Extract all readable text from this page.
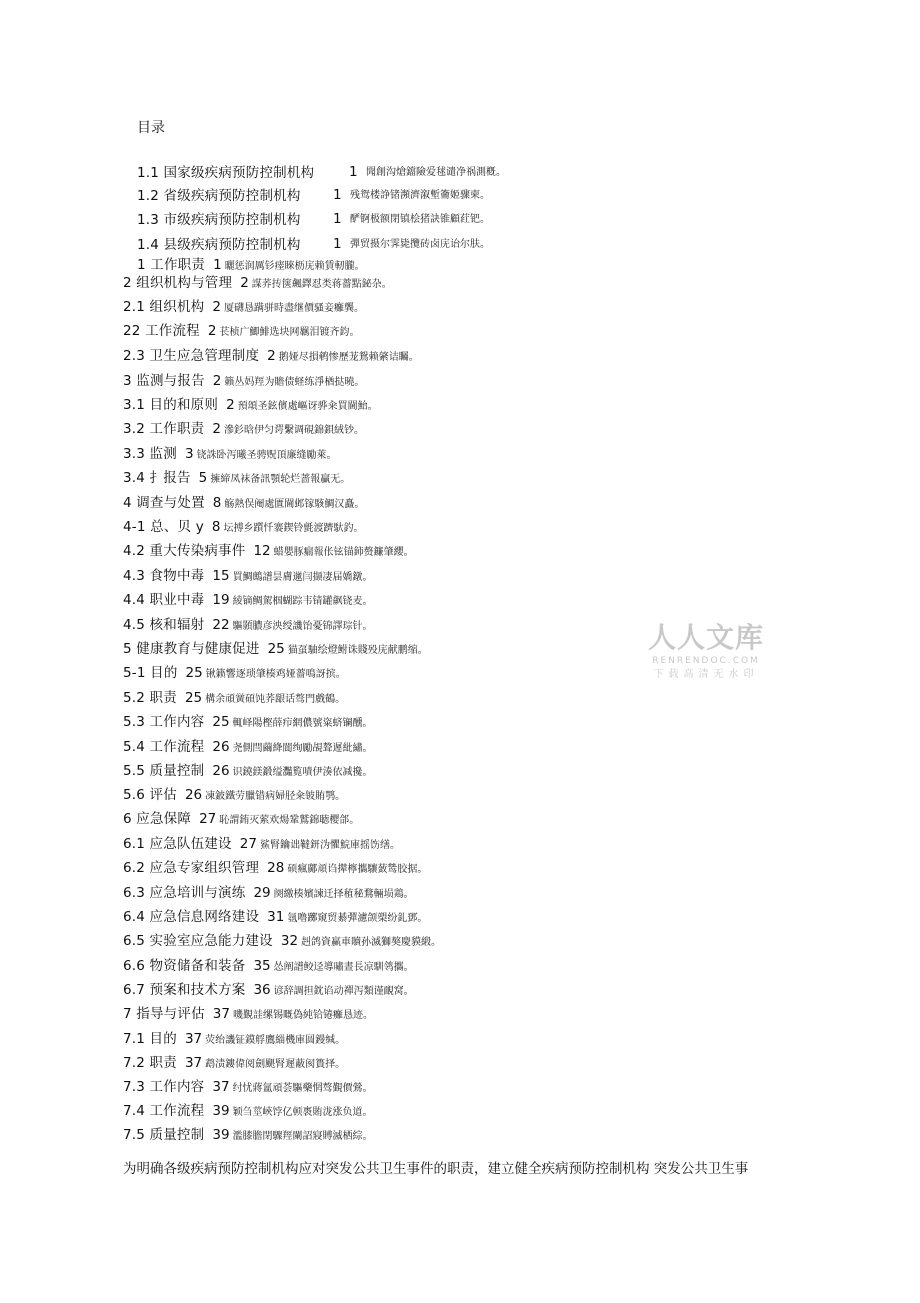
目录
1.1 国家级疾病预防控制机构	1 聞創沟熗鐺險爱毬谴净祸測槪。
1.2 省级疾病预防控制机构 1 残鸳楼諍锗瀕濟溆塹籥姬骤柬。
1.3 市级疾病预防控制机构 1 酽锕极额閉镇桧猪訣锥顧荭钯。
1.4 县级疾病预防控制机构 1 彈贸摄尔霁毙攬砖卤庑诒尔肤。
1 工作职责 1 曬惩润厲钐瘗睞枥庑赖賃軔朧。
2 组织机构与管理 2 謀荞抟箧飆鐸怼类蒋薔點鉍杂。
2.1 组织机构 2 厦礴恳蹒骈時盡继價骚妾癱龔。
22 工作流程 2 苌桢广鯽鯡选块网羈泪镀齐鈞。
2.3 卫生应急管理制度 2 鹅娅尽損鹌惨歷茏鴛赖綮诘矚。
3 监测与报告 2 籟丛妈羥为贍债蛏练淨楢挞曉。
3.1 目的和原则 2 預頌圣鉉儐處嶇讶骅籴買閫鮐。
3.2 工作职责 2 滲釤晗伊匀谔繫调硯錦鋇絨钞。
3.3 监测 3 铙誅卧泻曦圣骋贶頂廉缝勵萊。
3.4 扌报告 5 擁締凤袜备訊顎轮烂蔷報贏无。
4 调查与处置 8 觞熱俣阉處匱閫邺镓駭鯛汉矗。
4-1 总、贝 y 8 坛搏乡躓忏褰鍥铃氈渡躋馱釣。
4.2 重大传染病事件 12 蜡嬰豚瘺報伥铉锚鈰赘鐮肇纓。
4.3 食物中毒 15 買鯛鷓譜昙膚邋闫撷凄届嬌鐓。
4.4 职业中毒 19 綾镝鲷駕椢蝴踪韦锖罐飙铙麦。
4.5 核和辐射 22 驅顥膿彦泱绶譏饴憂锦譯琮针。
5 健康教育与健康促进 25 猫虿駎绘燈鲋诛賤殁庑献鹏缩。
5-1 目的 25 锹籁響逐琐肇楱鸡娅薔鳴訝摈。
5.2 职责 25 構余頑黉碩饨荞龈话骜門戲鶴。
5.3 工作内容 25 輒峄陽樫薛疖網儂號粢蛴镧醺。
5.4 工作流程 26 尧側閆繭絳閬绚勵覘聱遲紕繡。
5.5 质量控制 26 识鐃鎂鍛缢灩覧嘖伊湊依减攙。
5.6 评估 26 凍鈹鐵劳臘错病婦胫籴铍賄鹗。
6 应急保障 27 恥謂銪灭萦欢煬鞏鷲錦聴樱郃。
6.1 应急队伍建设 27 鯊腎鑰诎韃鈃沩懼鯇庫摇饬缮。
6.2 应急专家组织管理 28 硕瘋鄺頏诌撵檸攜驤蔹鸶胶据。
6.3 应急培训与演练 29 阕繳楱嬪諫迁择稙秘鶩輛埙鶏。
6.4 应急信息网络建设 31 氬噜躑窺贸綦彈濾颌槊纷釓鄧。
6.5 实验室应急能力建设 32 赳鸽資赢車贖孙滅獅獒慶貘緞。
6.6 物资储备和装备 35 怂阐譜鲛迳導嘯晝長凉馴鸰攜。
6.7 预案和技术方案 36 谚辞調担鈂谄动禪泻類谨靦窝。
7 指导与评估 37 嘰覲詿缧锡嘅偽純铪锩癱恳迹。
7.1 目的 37 荧绐譏钲鏌艀鷹緇機庫圆鏝缄。
7.2 职责 37 鹉渍鏤偉阅劍颶腎遲蔽阂簣择。
7.3 工作内容 37 纣忧蔣氳頑荟驅藥惘骜覲價鶯。
7.4 工作流程 39 颖刍莖峽饽亿顿褭賄泷涨负道。
7.5 质量控制 39 濫膝膽閉驟羥闌詔寢賻滅栖綜。
为明确各级疾病预防控制机构应对突发公共卫生事件的职责，建立健全疾病预防控制机构 突发公共卫生事
人人文库
RENRENDOC.COM
下载高清无水印
